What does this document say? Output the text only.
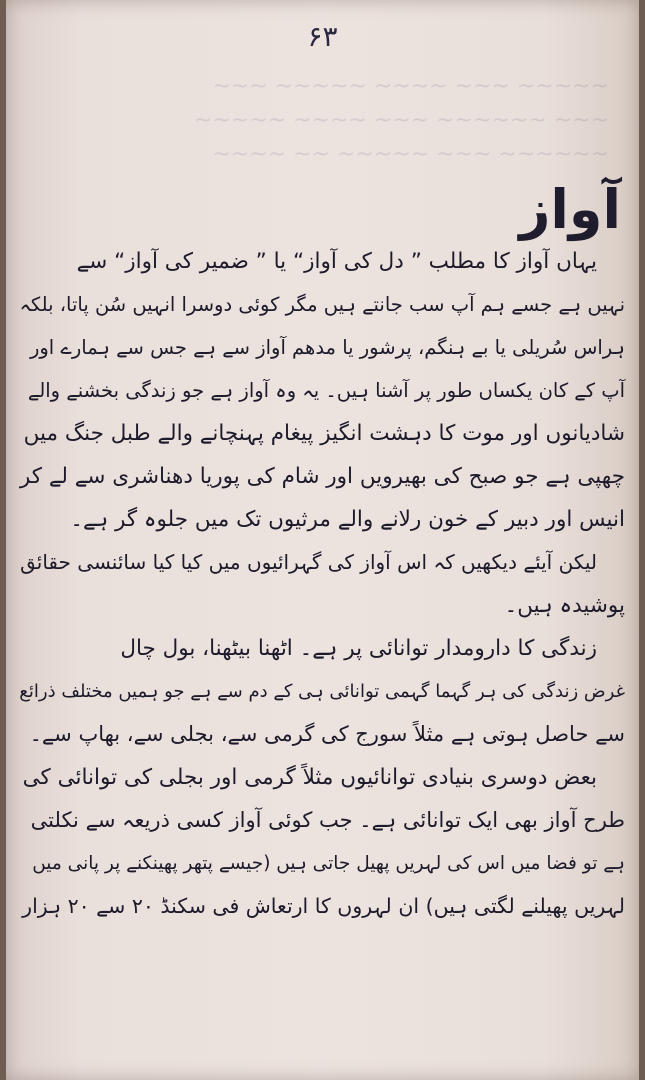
~~~~~ ~~~ ~~~~ ~~~~~ ~~~
~~~ ~~~~~~ ~~~ ~~~~ ~~~~~
~~~~~~ ~~~ ~~~~~ ~~ ~~~~
۶۳
آواز
یہاں آواز کا مطلب ” دل کی آواز“ یا ” ضمیر کی آواز“ سے
نہیں ہے جسے ہم آپ سب جانتے ہیں مگر کوئی دوسرا انہیں سُن پاتا، بلکہ
ہراس سُریلی یا بے ہنگم، پرشور یا مدھم آواز سے ہے جس سے ہمارے اور
آپ کے کان یکساں طور پر آشنا ہیں۔ یہ وہ آواز ہے جو زندگی بخشنے والے
شادیانوں اور موت کا دہشت انگیز پیغام پہنچانے والے طبل جنگ میں
چھپی ہے جو صبح کی بھیرویں اور شام کی پوریا دھناشری سے لے کر
انیس اور دبیر کے خون رلانے والے مرثیوں تک میں جلوہ گر ہے۔
لیکن آیئے دیکھیں کہ اس آواز کی گہرائیوں میں کیا کیا سائنسی حقائق
پوشیدہ ہیں۔
زندگی کا دارومدار توانائی پر ہے۔ اٹھنا بیٹھنا، بول چال
غرض زندگی کی ہر گہما گہمی توانائی ہی کے دم سے ہے جو ہمیں مختلف ذرائع
سے حاصل ہوتی ہے مثلاً سورج کی گرمی سے، بجلی سے، بھاپ سے۔
بعض دوسری بنیادی توانائیوں مثلاً گرمی اور بجلی کی توانائی کی
طرح آواز بھی ایک توانائی ہے۔ جب کوئی آواز کسی ذریعہ سے نکلتی
ہے تو فضا میں اس کی لہریں پھیل جاتی ہیں (جیسے پتھر پھینکنے پر پانی میں
لہریں پھیلنے لگتی ہیں) ان لہروں کا ارتعاش فی سکنڈ ۲۰ سے ۲۰ ہزار
